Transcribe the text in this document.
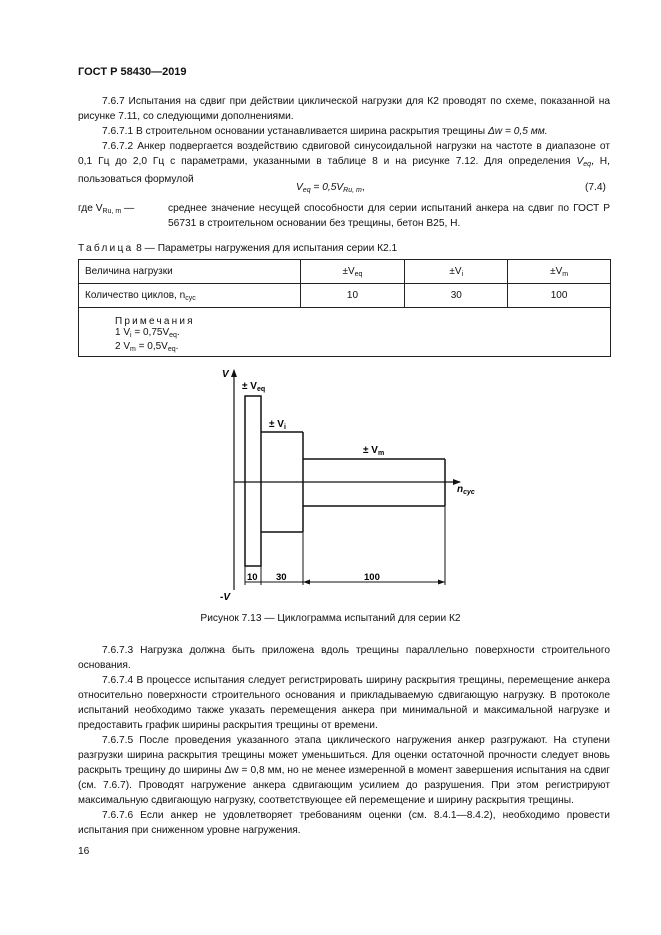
ГОСТ Р 58430—2019
7.6.7 Испытания на сдвиг при действии циклической нагрузки для К2 проводят по схеме, показанной на рисунке 7.11, со следующими дополнениями.
7.6.7.1 В строительном основании устанавливается ширина раскрытия трещины Δw = 0,5 мм.
7.6.7.2 Анкер подвергается воздействию сдвиговой синусоидальной нагрузки на частоте в диапазоне от 0,1 Гц до 2,0 Гц с параметрами, указанными в таблице 8 и на рисунке 7.12. Для определения $V_{eq}$, Н, пользоваться формулой
$V_{eq} = 0,5V_{Ru, m}$,	(7.4)
где $V_{Ru, m}$ —	среднее значение несущей способности для серии испытаний анкера на сдвиг по ГОСТ Р 56731 в строительном основании без трещины, бетон В25, Н.
Таблица 8 — Параметры нагружения для испытания серии К2.1
Величина нагрузки	$\pm V_{eq}$	$\pm V_i$	$\pm V_m$
Количество циклов, $n_{cyc}$	10	30	100
Примечания
1 $V_i = 0,75V_{eq}$.
2 $V_m = 0,5V_{eq}$.
V
-V
$n_{cyc}$
± $V_{eq}$
± $V_i$
± $V_m$
10 30	100
Рисунок 7.13 — Циклограмма испытаний для серии К2
7.6.7.3 Нагрузка должна быть приложена вдоль трещины параллельно поверхности строительного основания.
7.6.7.4 В процессе испытания следует регистрировать ширину раскрытия трещины, перемещение анкера относительно поверхности строительного основания и прикладываемую сдвигающую нагрузку. В протоколе испытаний необходимо также указать перемещения анкера при минимальной и максимальной нагрузке и предоставить график ширины раскрытия трещины от времени.
7.6.7.5 После проведения указанного этапа циклического нагружения анкер разгружают. На ступени разгрузки ширина раскрытия трещины может уменьшиться. Для оценки остаточной прочности следует вновь раскрыть трещину до ширины Δw = 0,8 мм, но не менее измеренной в момент завершения испытания на сдвиг (см. 7.6.7). Проводят нагружение анкера сдвигающим усилием до разрушения. При этом регистрируют максимальную сдвигающую нагрузку, соответствующее ей перемещение и ширину раскрытия трещины.
7.6.7.6 Если анкер не удовлетворяет требованиям оценки (см. 8.4.1—8.4.2), необходимо провести испытания при сниженном уровне нагружения.
16
